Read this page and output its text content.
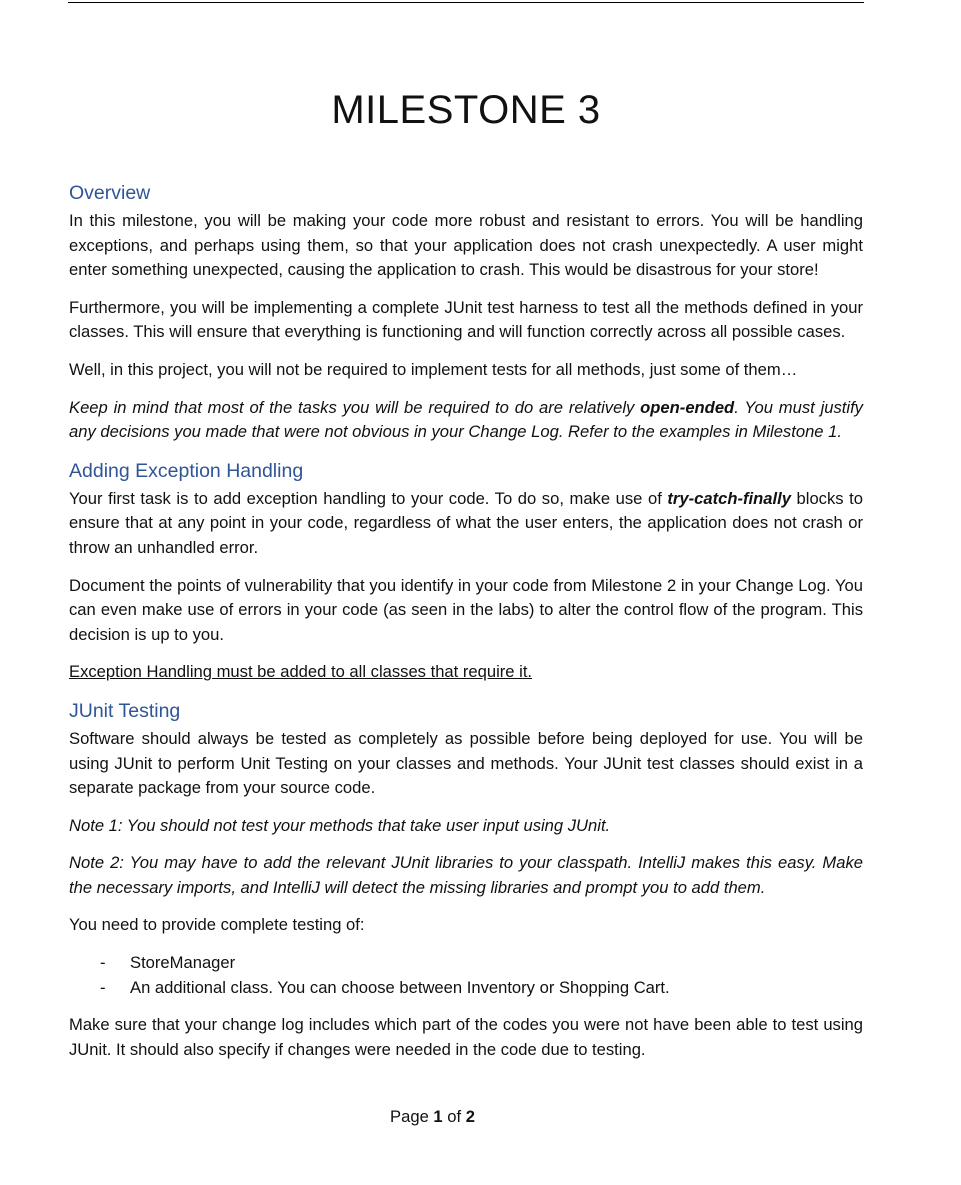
MILESTONE 3
Overview

In this milestone, you will be making your code more robust and resistant to errors. You will be handling exceptions, and perhaps using them, so that your application does not crash unexpectedly. A user might enter something unexpected, causing the application to crash. This would be disastrous for your store!

Furthermore, you will be implementing a complete JUnit test harness to test all the methods defined in your classes. This will ensure that everything is functioning and will function correctly across all possible cases.

Well, in this project, you will not be required to implement tests for all methods, just some of them…

Keep in mind that most of the tasks you will be required to do are relatively open-ended. You must justify any decisions you made that were not obvious in your Change Log. Refer to the examples in Milestone 1.

Adding Exception Handling

Your first task is to add exception handling to your code. To do so, make use of try-catch-finally blocks to ensure that at any point in your code, regardless of what the user enters, the application does not crash or throw an unhandled error.

Document the points of vulnerability that you identify in your code from Milestone 2 in your Change Log. You can even make use of errors in your code (as seen in the labs) to alter the control flow of the program. This decision is up to you.

Exception Handling must be added to all classes that require it.

JUnit Testing

Software should always be tested as completely as possible before being deployed for use. You will be using JUnit to perform Unit Testing on your classes and methods. Your JUnit test classes should exist in a separate package from your source code.

Note 1: You should not test your methods that take user input using JUnit.

Note 2: You may have to add the relevant JUnit libraries to your classpath. IntelliJ makes this easy. Make the necessary imports, and IntelliJ will detect the missing libraries and prompt you to add them.

You need to provide complete testing of:

- StoreManager
- An additional class. You can choose between Inventory or Shopping Cart.

Make sure that your change log includes which part of the codes you were not have been able to test using JUnit. It should also specify if changes were needed in the code due to testing.

Page 1 of 2
